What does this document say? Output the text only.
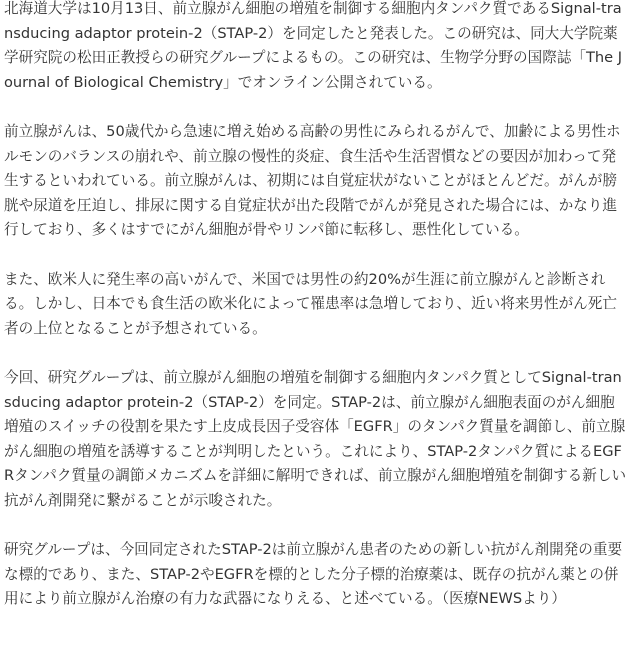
北海道大学は10月13日、前立腺がん細胞の増殖を制御する細胞内タンパク質であるSignal-transducing adaptor protein-2（STAP-2）を同定したと発表した。この研究は、同大大学院薬学研究院の松田正教授らの研究グループによるもの。この研究は、生物学分野の国際誌「The Journal of Biological Chemistry」でオンライン公開されている。

前立腺がんは、50歳代から急速に増え始める高齢の男性にみられるがんで、加齢による男性ホルモンのバランスの崩れや、前立腺の慢性的炎症、食生活や生活習慣などの要因が加わって発生するといわれている。前立腺がんは、初期には自覚症状がないことがほとんどだ。がんが膀胱や尿道を圧迫し、排尿に関する自覚症状が出た段階でがんが発見された場合には、かなり進行しており、多くはすでにがん細胞が骨やリンパ節に転移し、悪性化している。

また、欧米人に発生率の高いがんで、米国では男性の約20%が生涯に前立腺がんと診断される。しかし、日本でも食生活の欧米化によって罹患率は急増しており、近い将来男性がん死亡者の上位となることが予想されている。

今回、研究グループは、前立腺がん細胞の増殖を制御する細胞内タンパク質としてSignal-transducing adaptor protein-2（STAP-2）を同定。STAP-2は、前立腺がん細胞表面のがん細胞増殖のスイッチの役割を果たす上皮成長因子受容体「EGFR」のタンパク質量を調節し、前立腺がん細胞の増殖を誘導することが判明したという。これにより、STAP-2タンパク質によるEGFRタンパク質量の調節メカニズムを詳細に解明できれば、前立腺がん細胞増殖を制御する新しい抗がん剤開発に繋がることが示唆された。

研究グループは、今回同定されたSTAP-2は前立腺がん患者のための新しい抗がん剤開発の重要な標的であり、また、STAP-2やEGFRを標的とした分子標的治療薬は、既存の抗がん薬との併用により前立腺がん治療の有力な武器になりえる、と述べている。（医療NEWSより）
